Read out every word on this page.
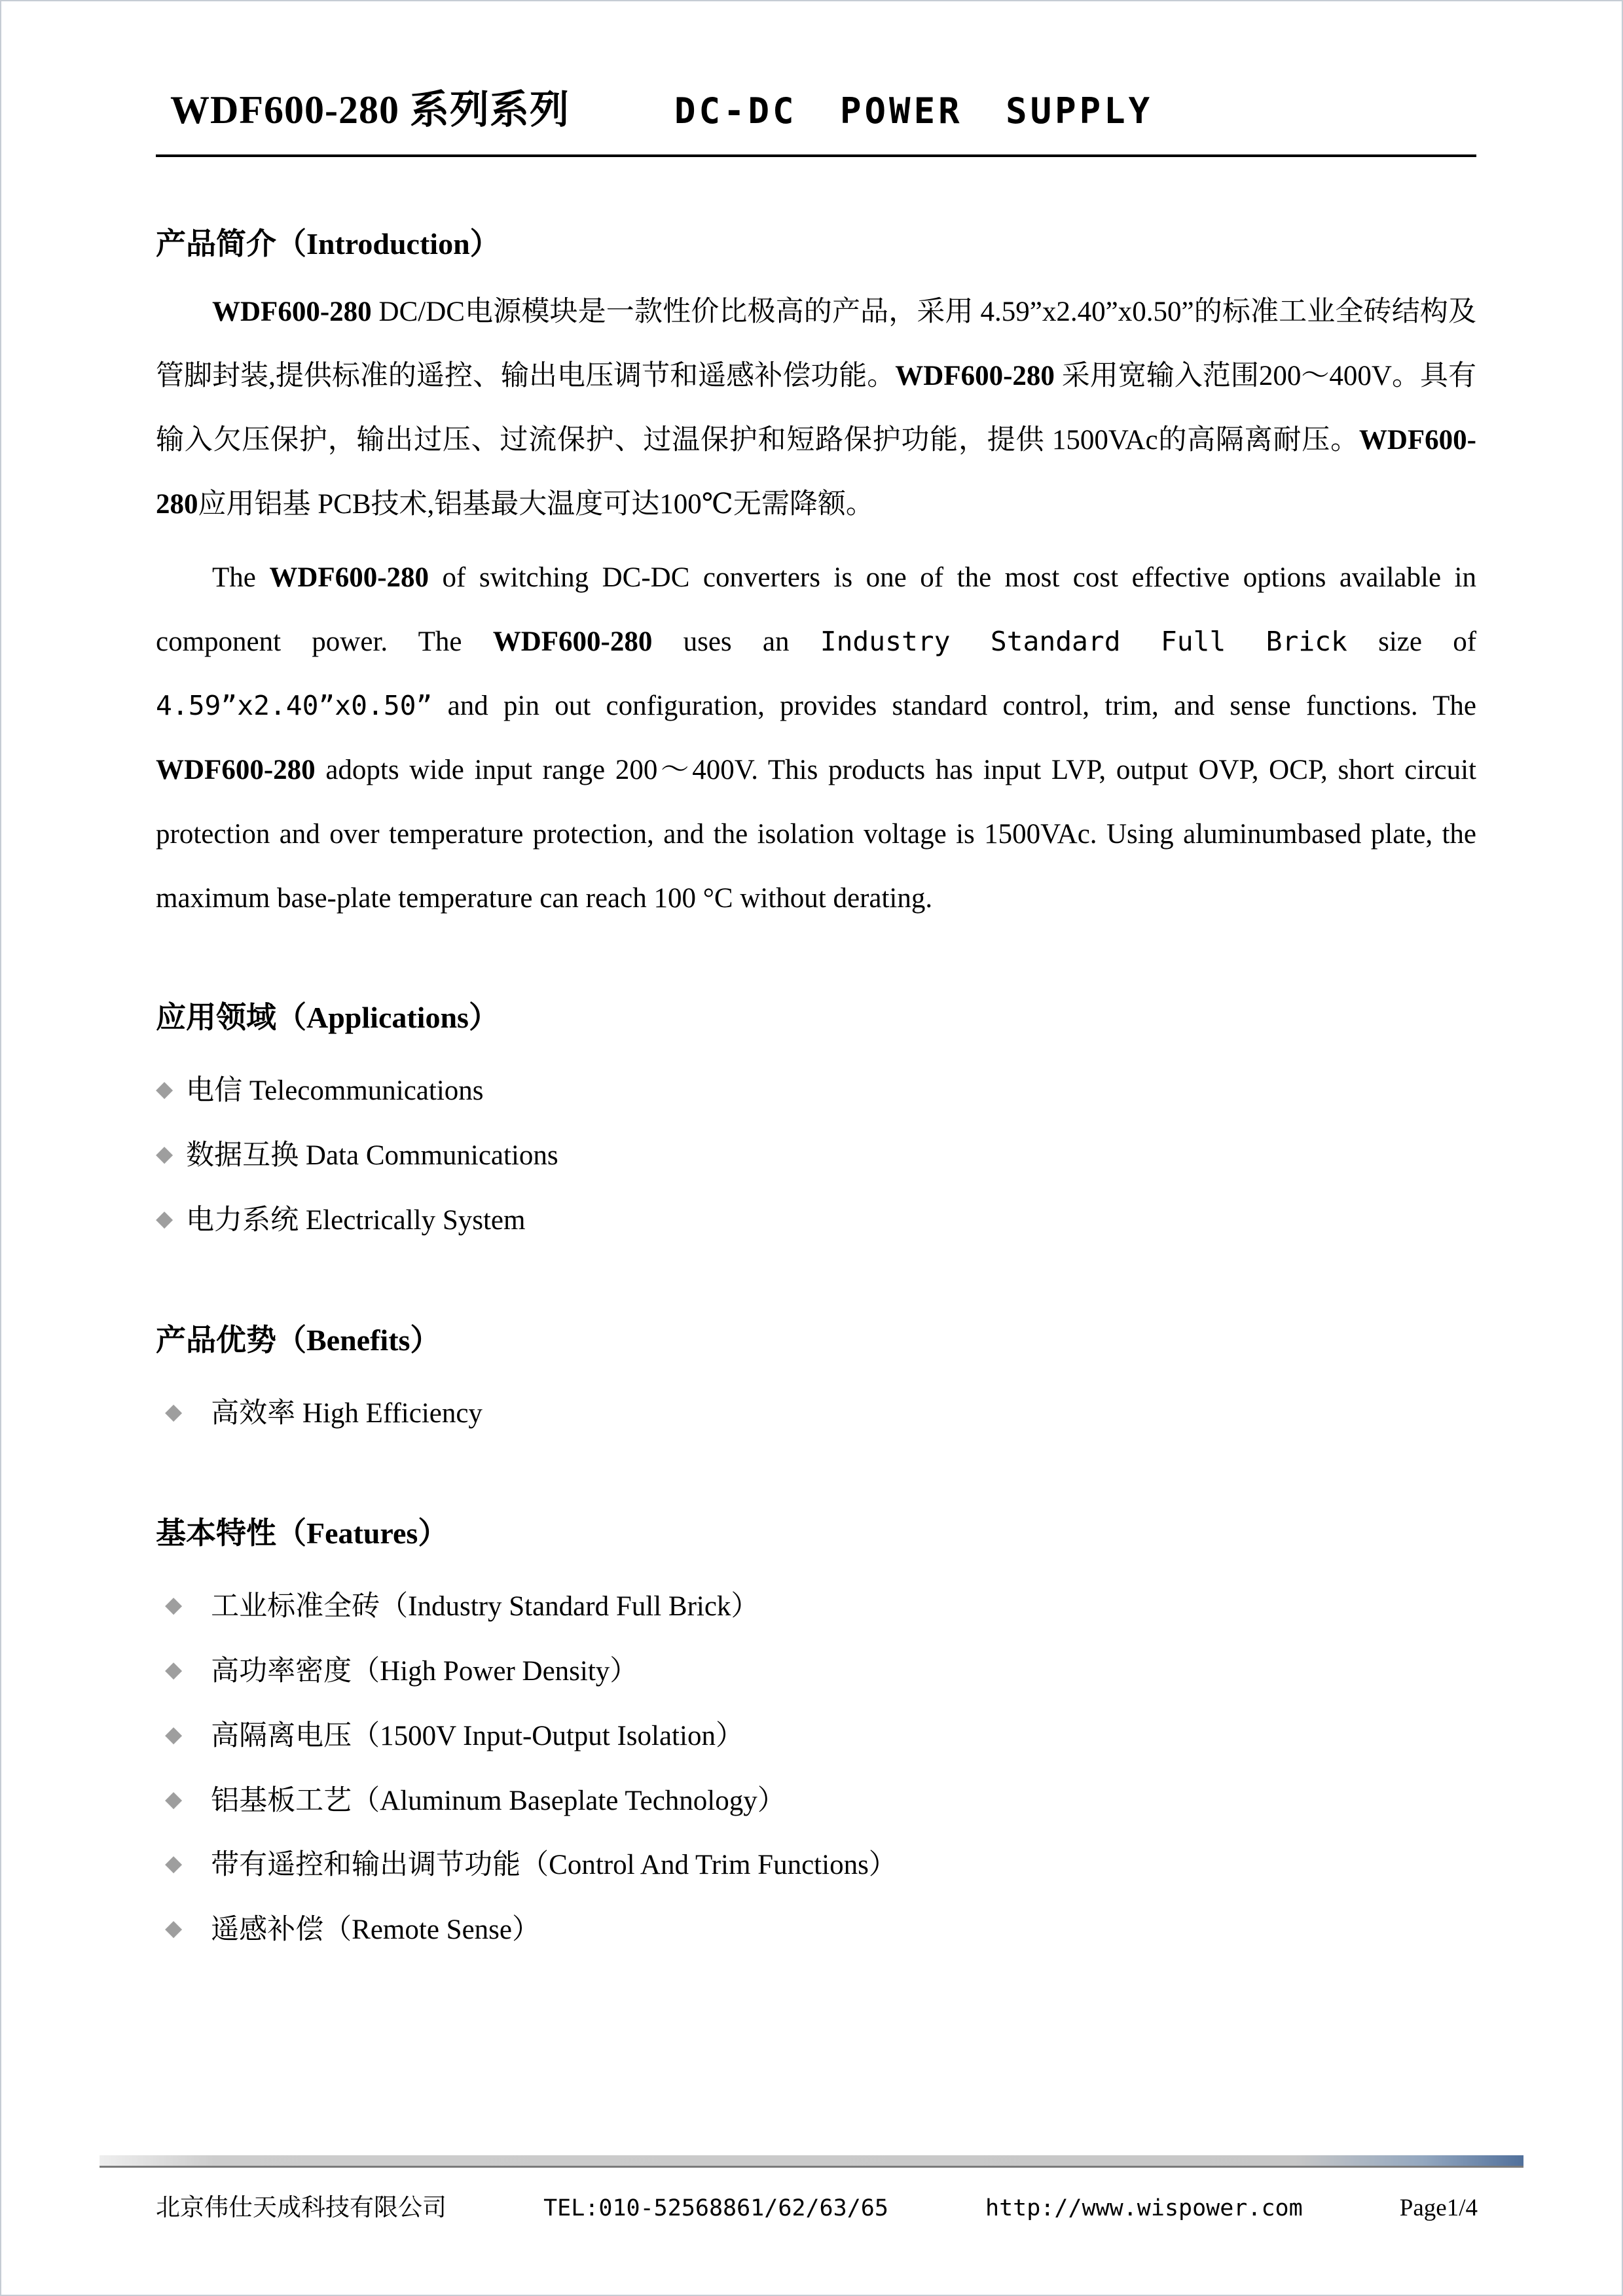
WDF600-280 系列系列	DC-DC POWER SUPPLY
产品简介（Introduction）

WDF600-280 DC/DC电源模块是一款性价比极高的产品，采用 4.59”x2.40”x0.50”的标准工业全砖结构及管脚封装,提供标准的遥控、输出电压调节和遥感补偿功能。WDF600-280 采用宽输入范围200～400V。具有输入欠压保护，输出过压、过流保护、过温保护和短路保护功能，提供 1500VAc的高隔离耐压。WDF600-280应用铝基 PCB技术,铝基最大温度可达100℃无需降额。

The WDF600-280 of switching DC-DC converters is one of the most cost effective options available in component power. The WDF600-280 uses an Industry Standard Full Brick size of 4.59”x2.40”x0.50” and pin out configuration, provides standard control, trim, and sense functions. The WDF600-280 adopts wide input range 200～400V. This products has input LVP, output OVP, OCP, short circuit protection and over temperature protection, and the isolation voltage is 1500VAc. Using aluminumbased plate, the maximum base-plate temperature can reach 100 °C without derating.

应用领域（Applications）
◆ 电信 Telecommunications
◆ 数据互换 Data Communications
◆ 电力系统 Electrically System
产品优势（Benefits）
◆ 高效率 High Efficiency
基本特性（Features）
◆ 工业标准全砖（Industry Standard Full Brick）
◆ 高功率密度（High Power Density）
◆ 高隔离电压（1500V Input-Output Isolation）
◆ 铝基板工艺（Aluminum Baseplate Technology）
◆ 带有遥控和输出调节功能（Control And Trim Functions）
◆ 遥感补偿（Remote Sense）
北京伟仕天成科技有限公司	TEL:010-52568861/62/63/65	http://www.wispower.com	Page1/4
